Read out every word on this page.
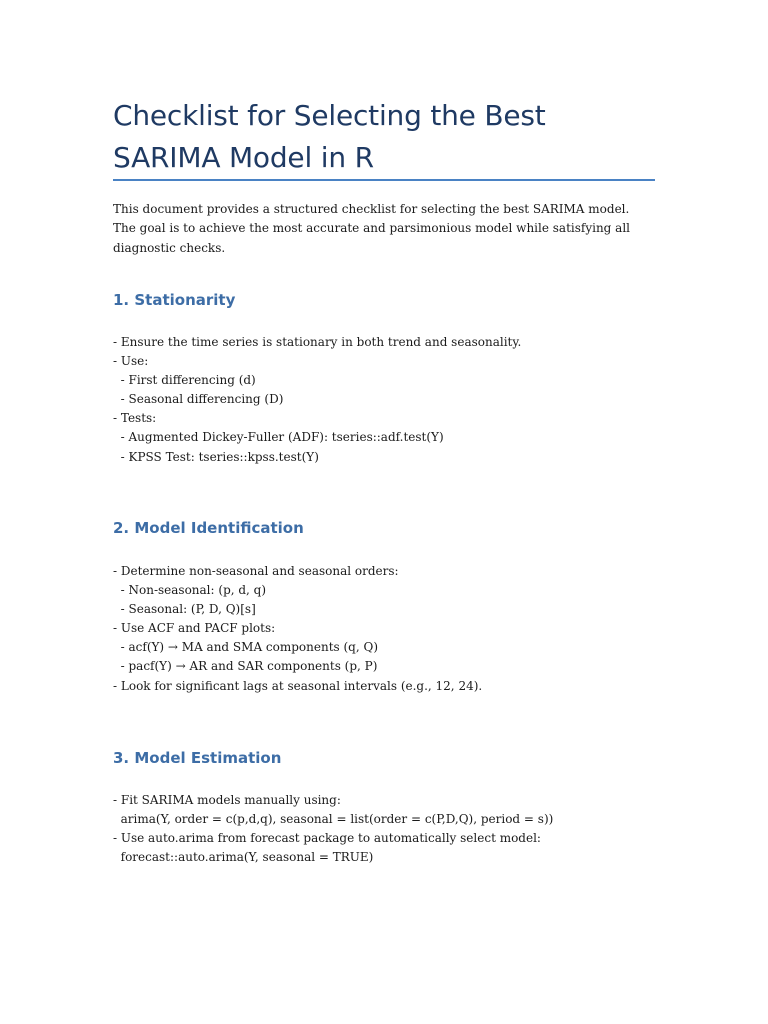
Checklist for Selecting the Best SARIMA Model in R

This document provides a structured checklist for selecting the best SARIMA model. The goal is to achieve the most accurate and parsimonious model while satisfying all diagnostic checks.

1. Stationarity
- Ensure the time series is stationary in both trend and seasonality.
- Use:
- First differencing (d)
- Seasonal differencing (D)
- Tests:
- Augmented Dickey-Fuller (ADF): tseries::adf.test(Y)
- KPSS Test: tseries::kpss.test(Y)
2. Model Identification
- Determine non-seasonal and seasonal orders:
- Non-seasonal: (p, d, q)
- Seasonal: (P, D, Q)[s]
- Use ACF and PACF plots:
- acf(Y) → MA and SMA components (q, Q)
- pacf(Y) → AR and SAR components (p, P)
- Look for significant lags at seasonal intervals (e.g., 12, 24).
3. Model Estimation
- Fit SARIMA models manually using:
arima(Y, order = c(p,d,q), seasonal = list(order = c(P,D,Q), period = s))
- Use auto.arima from forecast package to automatically select model:
forecast::auto.arima(Y, seasonal = TRUE)
